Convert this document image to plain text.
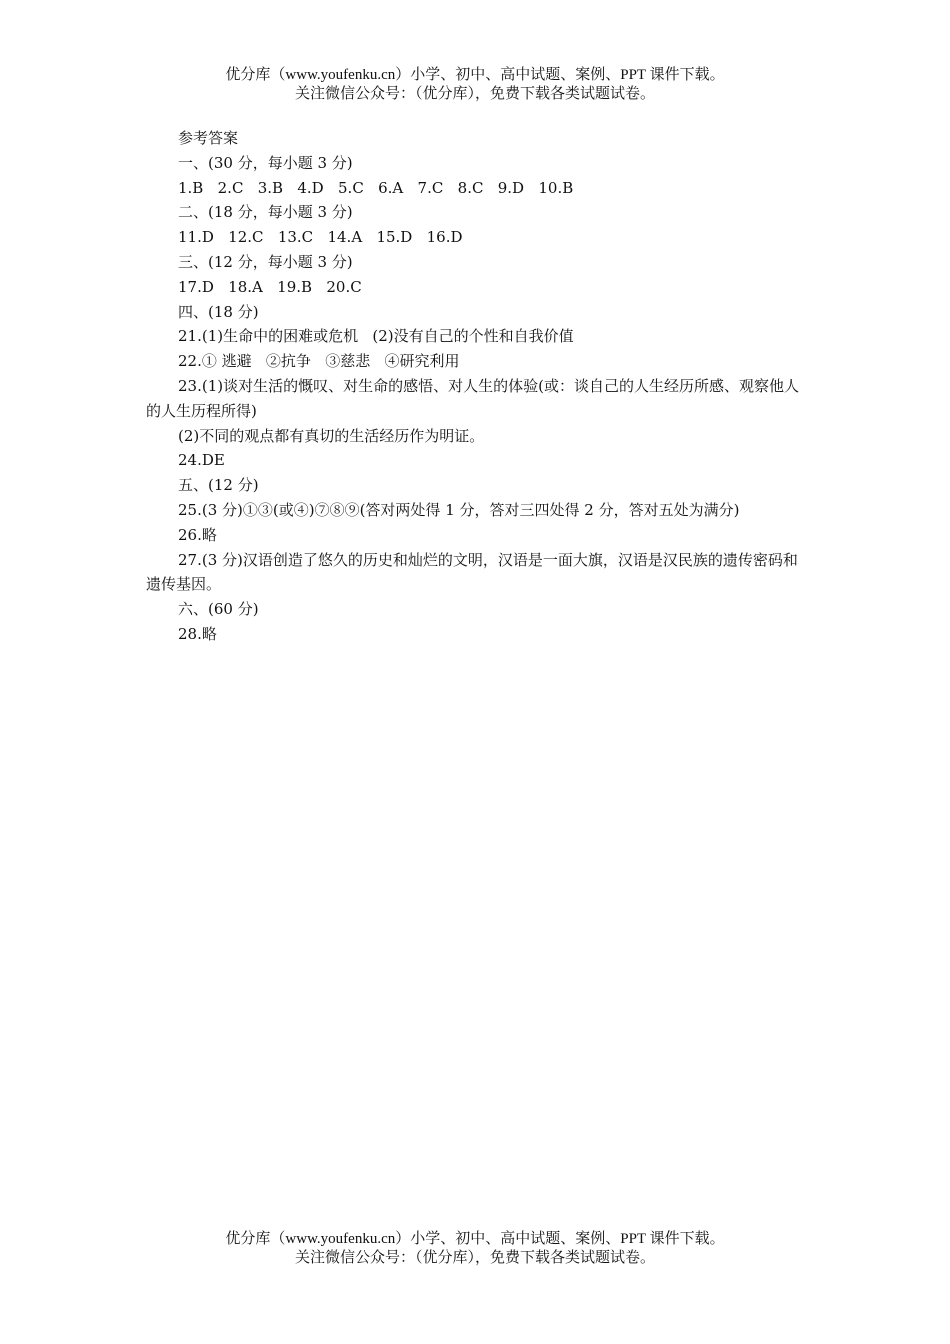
优分库（www.youfenku.cn）小学、初中、高中试题、案例、PPT 课件下载。
关注微信公众号：（优分库），免费下载各类试题试卷。
参考答案
一、(30 分，每小题 3 分)
1.B   2.C   3.B   4.D   5.C   6.A   7.C   8.C   9.D   10.B
二、(18 分，每小题 3 分)
11.D   12.C   13.C   14.A   15.D   16.D
三、(12 分，每小题 3 分)
17.D   18.A   19.B   20.C
四、(18 分)
21.(1)生命中的困难或危机   (2)没有自己的个性和自我价值
22.① 逃避   ②抗争   ③慈悲   ④研究利用
23.(1)谈对生活的慨叹、对生命的感悟、对人生的体验(或：谈自己的人生经历所感、观察他人的人生历程所得)
(2)不同的观点都有真切的生活经历作为明证。
24.DE
五、(12 分)
25.(3 分)①③(或④)⑦⑧⑨(答对两处得 1 分，答对三四处得 2 分，答对五处为满分)
26.略
27.(3 分)汉语创造了悠久的历史和灿烂的文明，汉语是一面大旗，汉语是汉民族的遗传密码和遗传基因。
六、(60 分)
28.略
优分库（www.youfenku.cn）小学、初中、高中试题、案例、PPT 课件下载。
关注微信公众号：（优分库），免费下载各类试题试卷。
